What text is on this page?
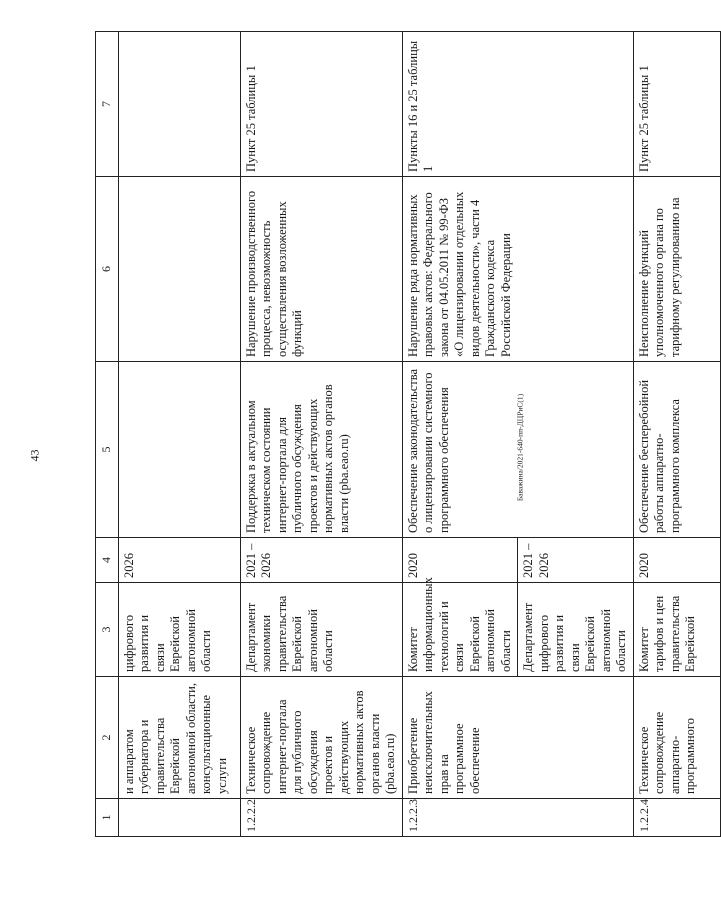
43	Баважина/2021-640-пп-ДЦРиС(1)
1	2	3	4	5	6	7
	и аппаратом губернатора и правительства Еврейской автономной области, консультационные услуги	цифрового развития и связи Еврейской автономной области	2026			
1.2.2.2	Техническое сопровождение интернет-портала для публичного обсуждения проектов и действующих нормативных актов органов власти (pba.eao.ru)	Департамент экономики правительства Еврейской автономной области	2021 – 2026	Поддержка в актуальном техническом состоянии интернет-портала для публичного обсуждения проектов и действующих нормативных актов органов власти (pba.eao.ru)	Нарушение производственного процесса, невозможность осуществления возложенных функций	Пункт 25 таблицы 1
1.2.2.3	Приобретение неисключительных прав на программное обеспечение	Комитет информационных технологий и связи Еврейской автономной области	2020	Обеспечение законодательства о лицензировании системного программного обеспечения	Нарушение ряда нормативных правовых актов: Федерального закона от 04.05.2011 № 99-ФЗ «О лицензировании отдельных видов деятельности», части 4 Гражданского кодекса Российской Федерации	Пункты 16 и 25 таблицы 1
		Департамент цифрового развития и связи Еврейской автономной области	2021 – 2026			
1.2.2.4	Техническое сопровождение аппаратно-программного	Комитет тарифов и цен правительства Еврейской	2020	Обеспечение бесперебойной работы аппаратно-программного комплекса	Неисполнение функций уполномоченного органа по тарифному регулированию на	Пункт 25 таблицы 1
